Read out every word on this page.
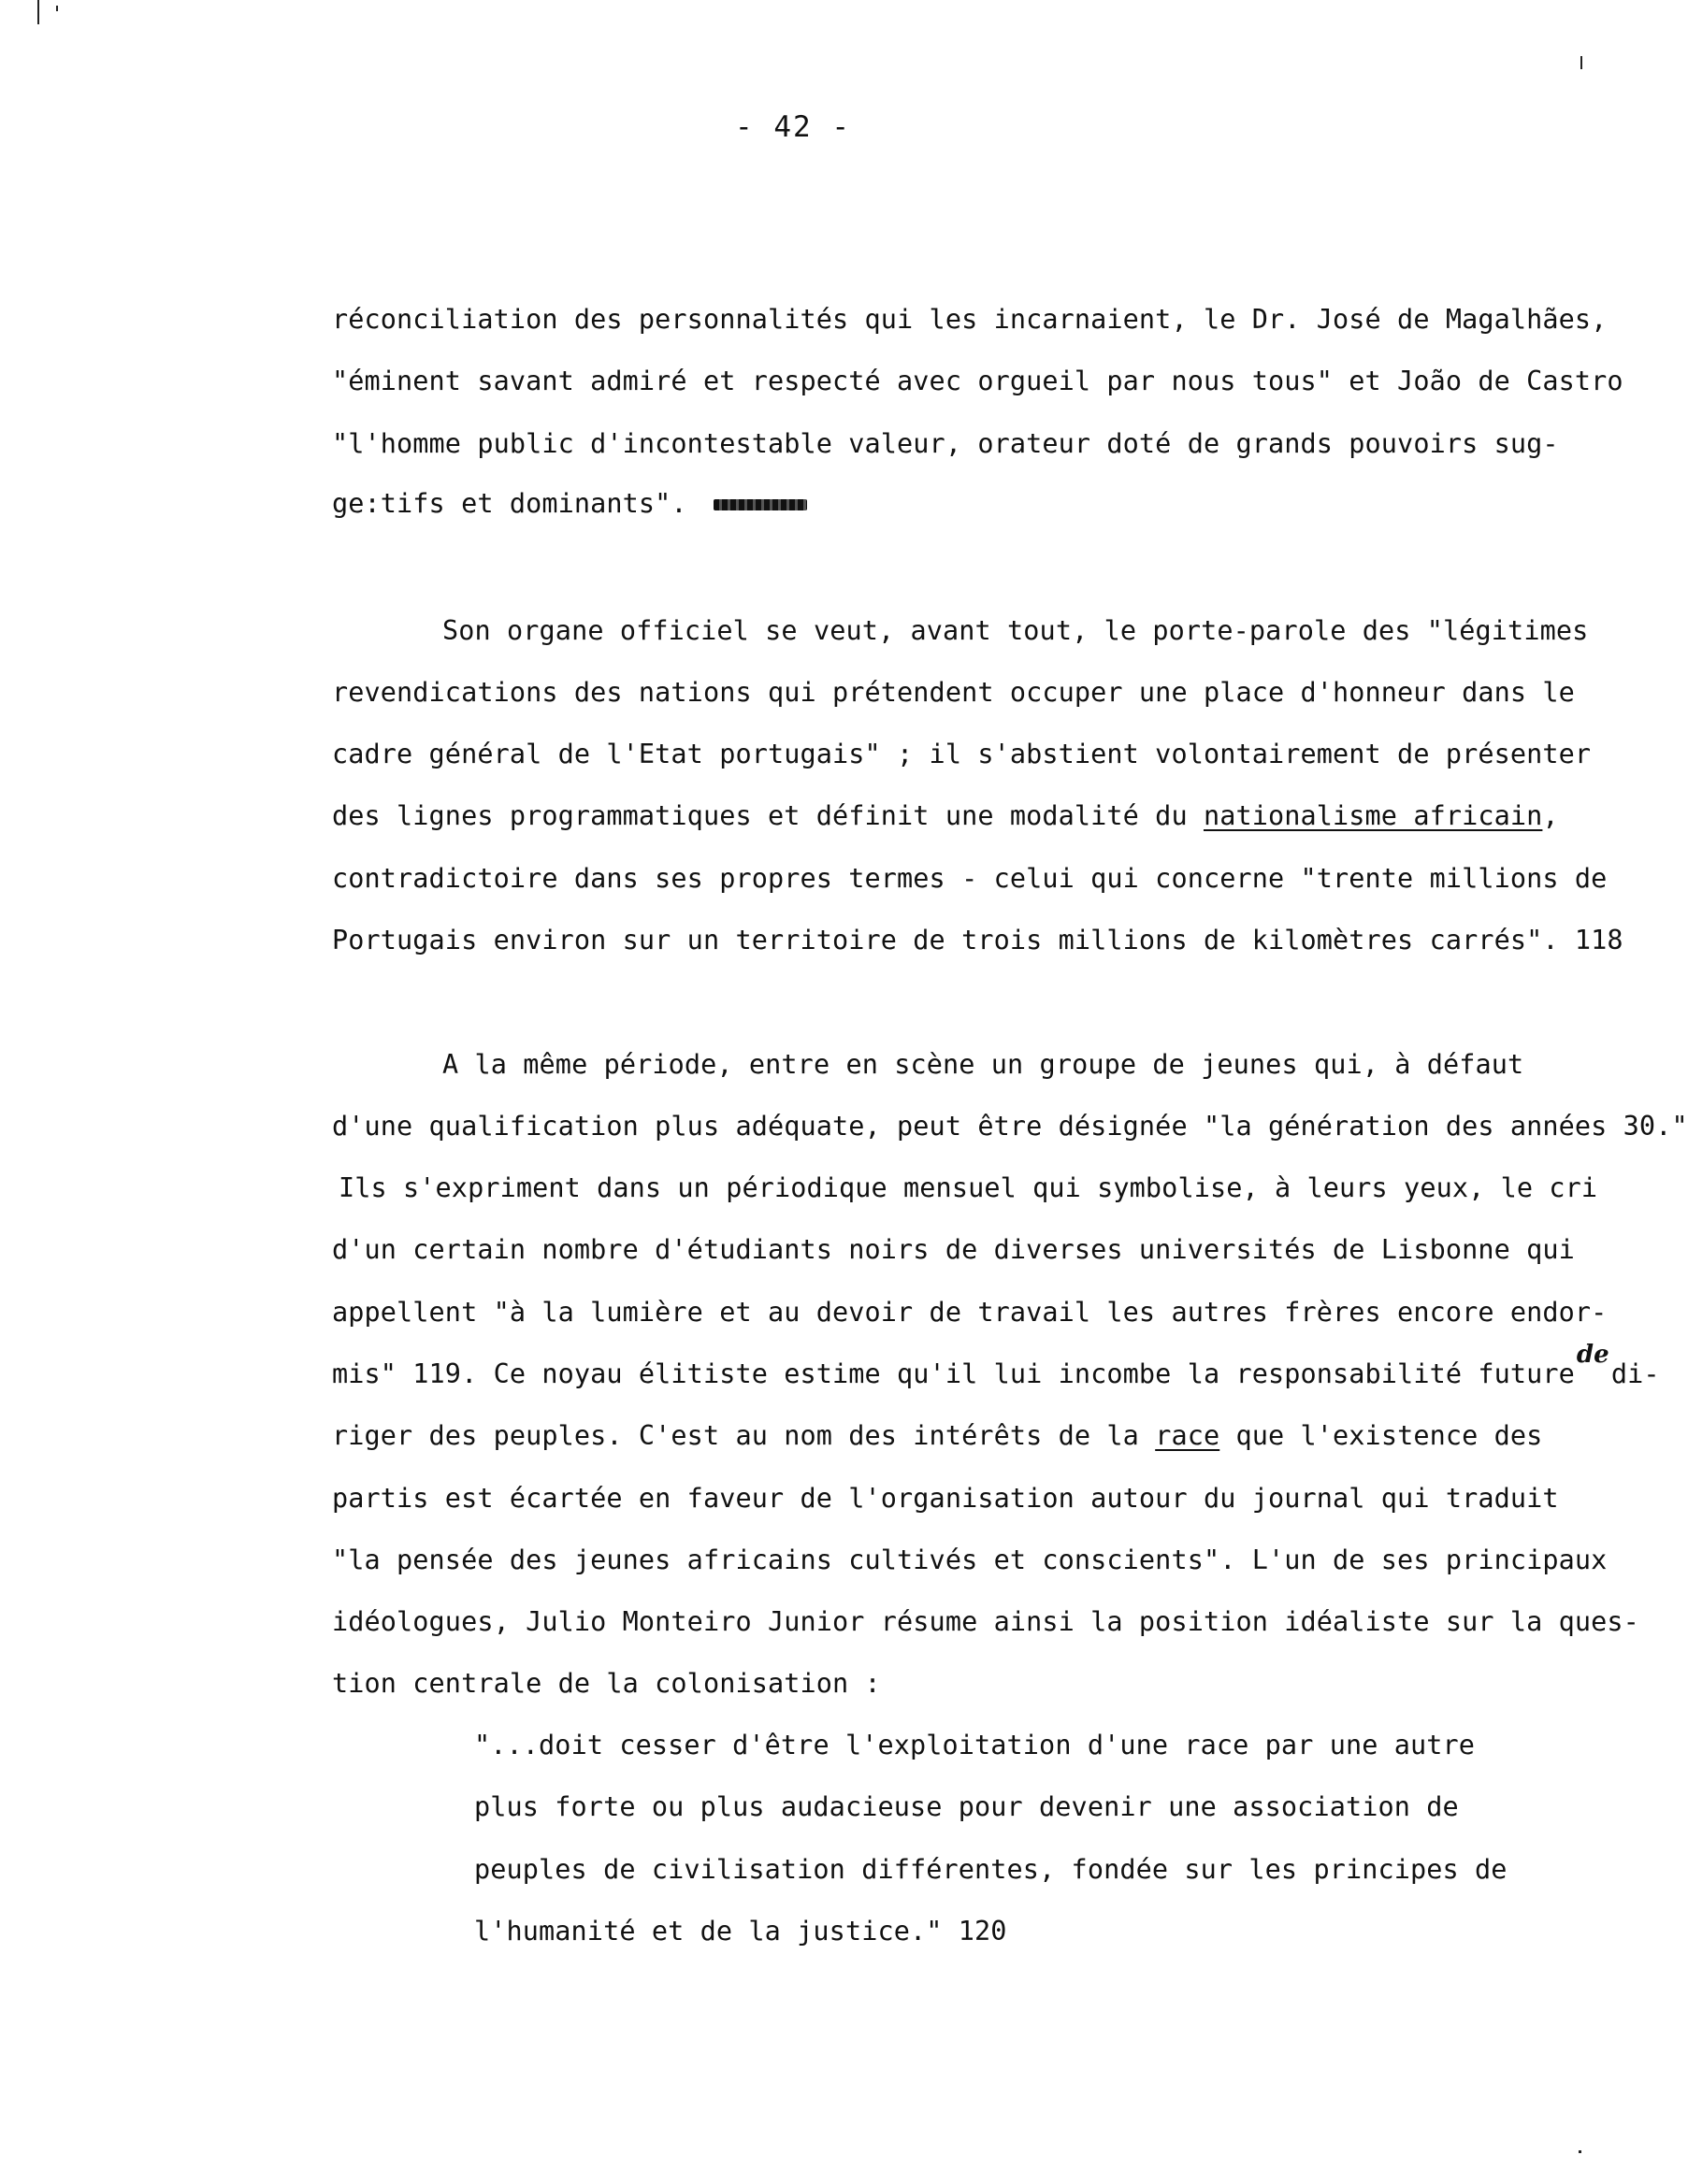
- 42 -
réconciliation des personnalités qui les incarnaient, le Dr. José de Magalhães,
"éminent savant admiré et respecté avec orgueil par nous tous" et João de Castro
"l'homme public d'incontestable valeur, orateur doté de grands pouvoirs sug-
ge:tifs et dominants".
Son organe officiel se veut, avant tout, le porte-parole des "légitimes
revendications des nations qui prétendent occuper une place d'honneur dans le
cadre général de l'Etat portugais" ; il s'abstient volontairement de présenter
des lignes programmatiques et définit une modalité du nationalisme africain,
contradictoire dans ses propres termes - celui qui concerne "trente millions de
Portugais environ sur un territoire de trois millions de kilomètres carrés". 118
A la même période, entre en scène un groupe de jeunes qui, à défaut
d'une qualification plus adéquate, peut être désignée "la génération des années 30."
Ils s'expriment dans un périodique mensuel qui symbolise, à leurs yeux, le cri
d'un certain nombre d'étudiants noirs de diverses universités de Lisbonne qui
appellent "à la lumière et au devoir de travail les autres frères encore endor-
mis" 119. Ce noyau élitiste estime qu'il lui incombe la responsabilité futurededi-
riger des peuples. C'est au nom des intérêts de la race que l'existence des
partis est écartée en faveur de l'organisation autour du journal qui traduit
"la pensée des jeunes africains cultivés et conscients". L'un de ses principaux
idéologues, Julio Monteiro Junior résume ainsi la position idéaliste sur la ques-
tion centrale de la colonisation :
"...doit cesser d'être l'exploitation d'une race par une autre
plus forte ou plus audacieuse pour devenir une association de
peuples de civilisation différentes, fondée sur les principes de
l'humanité et de la justice." 120
